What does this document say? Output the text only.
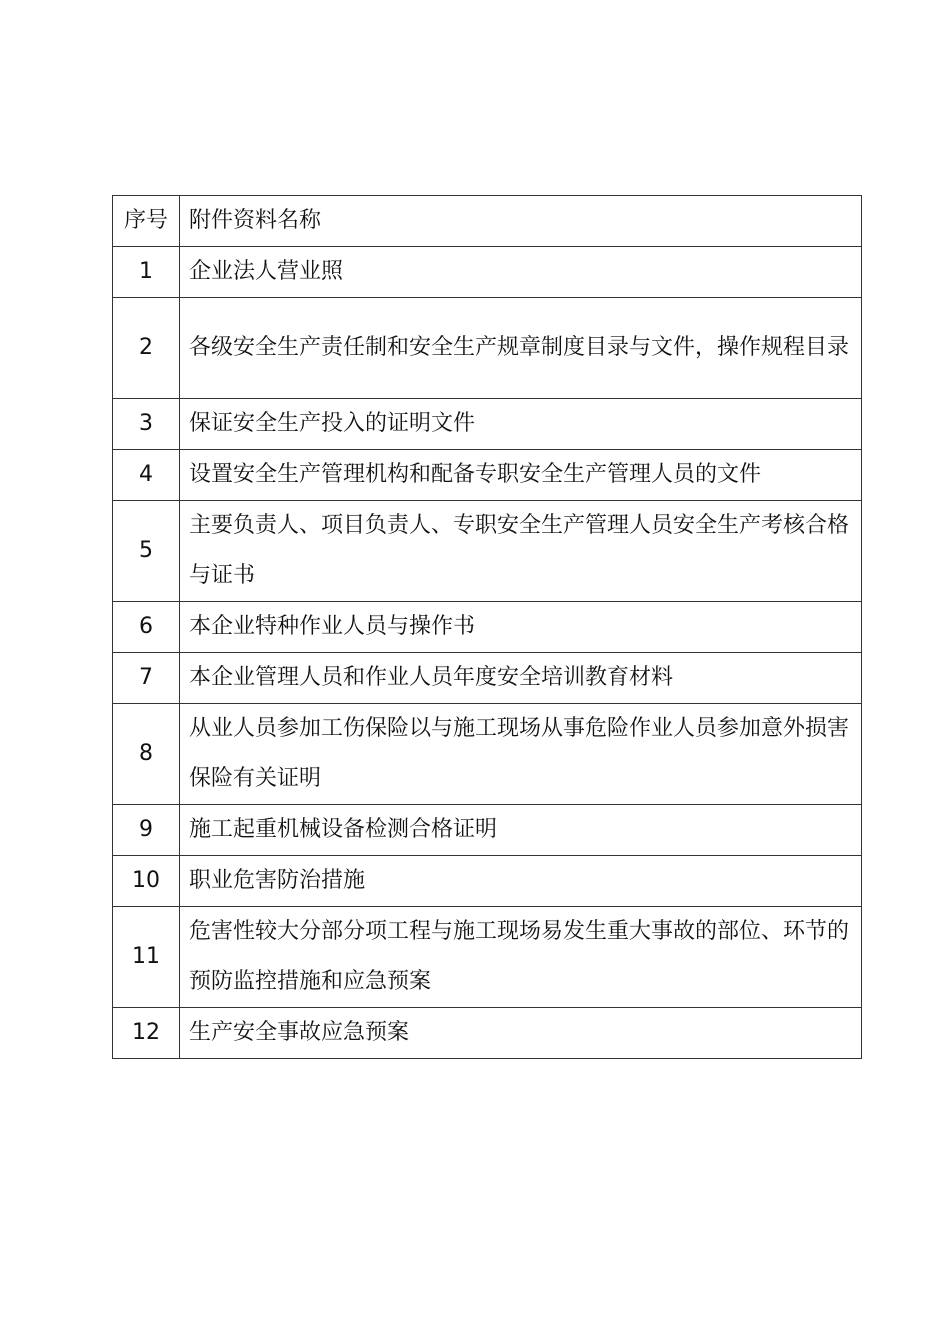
序号	附件资料名称
1	企业法人营业照
2	各级安全生产责任制和安全生产规章制度目录与文件，操作规程目录
3	保证安全生产投入的证明文件
4	设置安全生产管理机构和配备专职安全生产管理人员的文件
5	主要负责人、项目负责人、专职安全生产管理人员安全生产考核合格与证书
6	本企业特种作业人员与操作书
7	本企业管理人员和作业人员年度安全培训教育材料
8	从业人员参加工伤保险以与施工现场从事危险作业人员参加意外损害保险有关证明
9	施工起重机械设备检测合格证明
10	职业危害防治措施
11	危害性较大分部分项工程与施工现场易发生重大事故的部位、环节的预防监控措施和应急预案
12	生产安全事故应急预案
